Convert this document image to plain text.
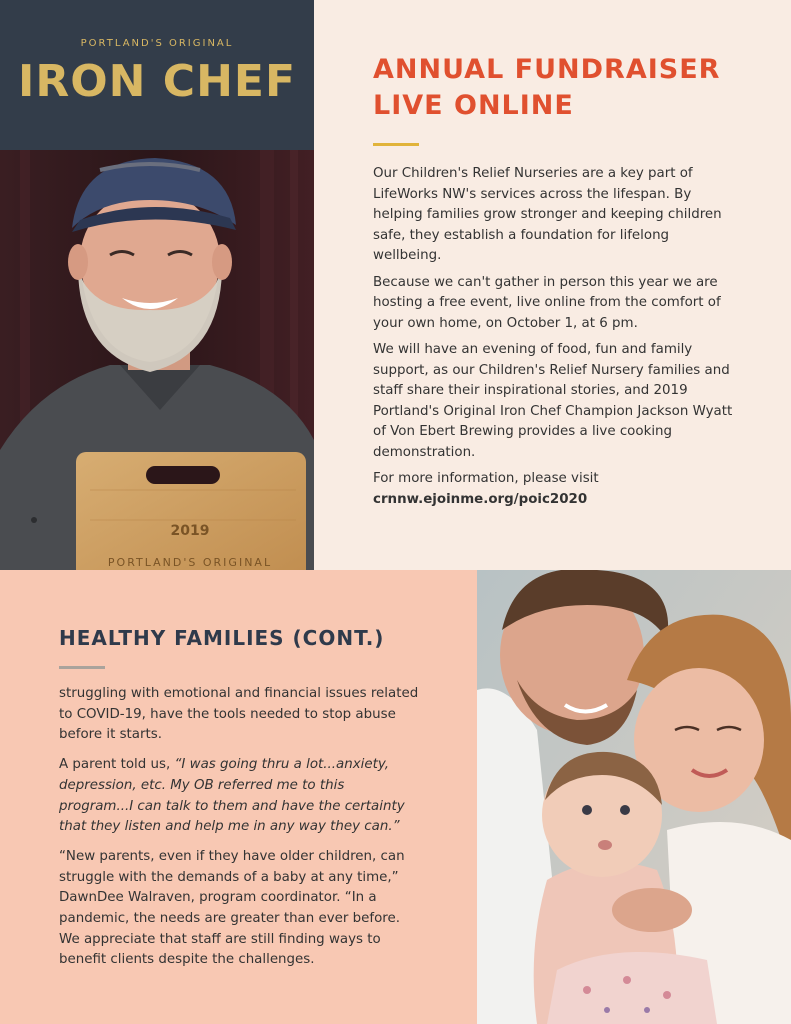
PORTLAND'S ORIGINAL
IRON CHEF
2019
PORTLAND'S ORIGINAL
ANNUAL FUNDRAISER
LIVE ONLINE

Our Children's Relief Nurseries are a key part of LifeWorks NW's services across the lifespan. By helping families grow stronger and keeping children safe, they establish a foundation for lifelong wellbeing.

Because we can't gather in person this year we are hosting a free event, live online from the comfort of your own home, on October 1, at 6 pm.

We will have an evening of food, fun and family support, as our Children's Relief Nursery families and staff share their inspirational stories, and 2019 Portland's Original Iron Chef Champion Jackson Wyatt of Von Ebert Brewing provides a live cooking demonstration.

For more information, please visit crnnw.ejoinme.org/poic2020

HEALTHY FAMILIES (CONT.)

struggling with emotional and financial issues related to COVID-19, have the tools needed to stop abuse before it starts.

A parent told us, “I was going thru a lot...anxiety, depression, etc. My OB referred me to this program...I can talk to them and have the certainty that they listen and help me in any way they can.”

“New parents, even if they have older children, can struggle with the demands of a baby at any time,” DawnDee Walraven, program coordinator. “In a pandemic, the needs are greater than ever before. We appreciate that staff are still finding ways to benefit clients despite the challenges.
